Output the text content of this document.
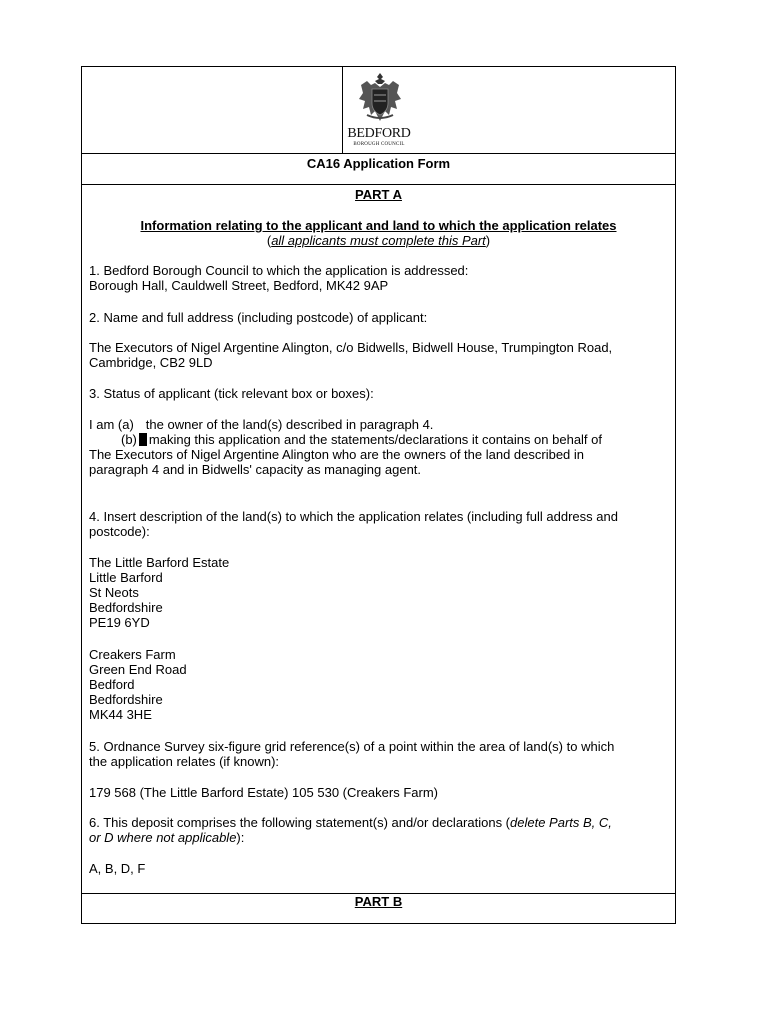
BEDFORD
BOROUGH COUNCIL
CA16 Application Form
PART A
Information relating to the applicant and land to which the application relates
(all applicants must complete this Part)
1. Bedford Borough Council to which the application is addressed:
Borough Hall, Cauldwell Street, Bedford, MK42 9AP
2. Name and full address (including postcode) of applicant:
The Executors of Nigel Argentine Alington, c/o Bidwells, Bidwell House, Trumpington Road,
Cambridge, CB2 9LD
3. Status of applicant (tick relevant box or boxes):
I am (a) the owner of the land(s) described in paragraph 4.
(b) making this application and the statements/declarations it contains on behalf of
The Executors of Nigel Argentine Alington who are the owners of the land described in
paragraph 4 and in Bidwells' capacity as managing agent.
4. Insert description of the land(s) to which the application relates (including full address and
postcode):
The Little Barford Estate
Little Barford
St Neots
Bedfordshire
PE19 6YD
Creakers Farm
Green End Road
Bedford
Bedfordshire
MK44 3HE
5. Ordnance Survey six-figure grid reference(s) of a point within the area of land(s) to which
the application relates (if known):
179 568 (The Little Barford Estate) 105 530 (Creakers Farm)
6. This deposit comprises the following statement(s) and/or declarations (delete Parts B, C,
or D where not applicable):
A, B, D, F
PART B
